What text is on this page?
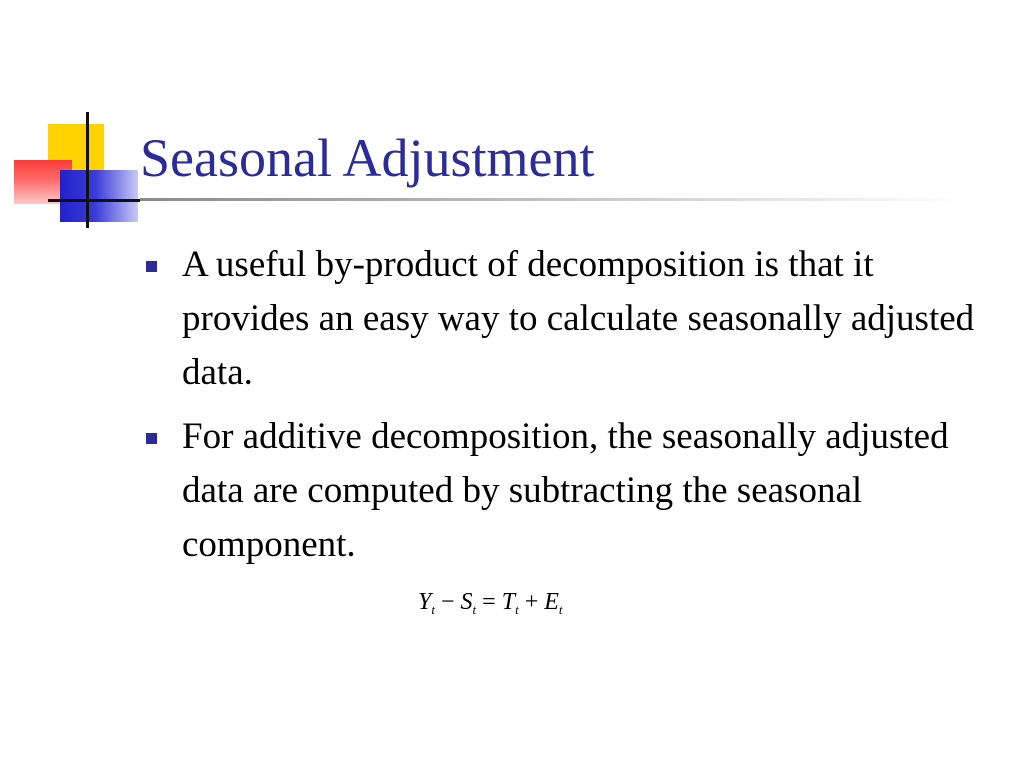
Seasonal Adjustment
A useful by-product of decomposition is that it provides an easy way to calculate seasonally adjusted data.
For additive decomposition, the seasonally adjusted data are computed by subtracting the seasonal component.
$Y_t - S_t = T_t + E_t$
